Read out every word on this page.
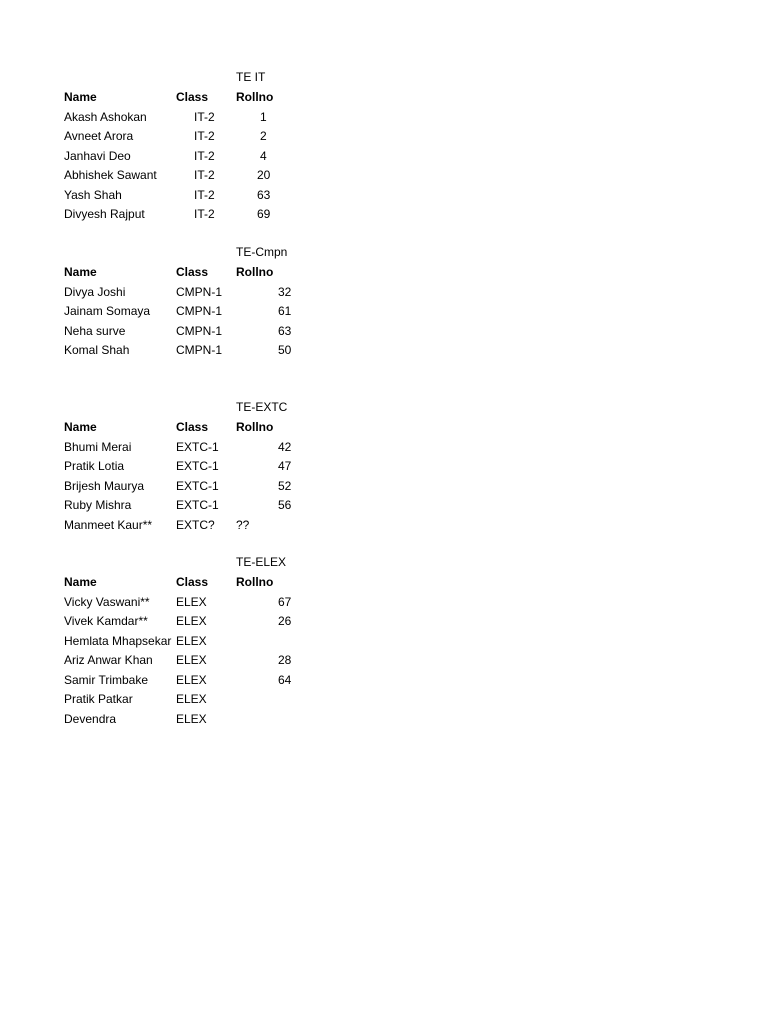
TE IT
Name	Class Rollno
Akash Ashokan	IT-2	1
Avneet Arora	IT-2	2
Janhavi Deo	IT-2	4
Abhishek Sawant	IT-2	20
Yash Shah	IT-2	63
Divyesh Rajput	IT-2	69
TE-Cmpn
Name	Class Rollno
Divya Joshi	CMPN-1	32
Jainam Somaya CMPN-1	61
Neha surve	CMPN-1	63
Komal Shah	CMPN-1	50
TE-EXTC
Name	Class Rollno
Bhumi Merai	EXTC-1	42
Pratik Lotia	EXTC-1	47
Brijesh Maurya	EXTC-1	52
Ruby Mishra	EXTC-1	56
Manmeet Kaur** EXTC? ??
TE-ELEX
Name	Class Rollno
Vicky Vaswani** ELEX	67
Vivek Kamdar** ELEX	26
Hemlata Mhapsekar ELEX
Ariz Anwar Khan ELEX	28
Samir Trimbake ELEX	64
Pratik Patkar	ELEX
Devendra	ELEX
